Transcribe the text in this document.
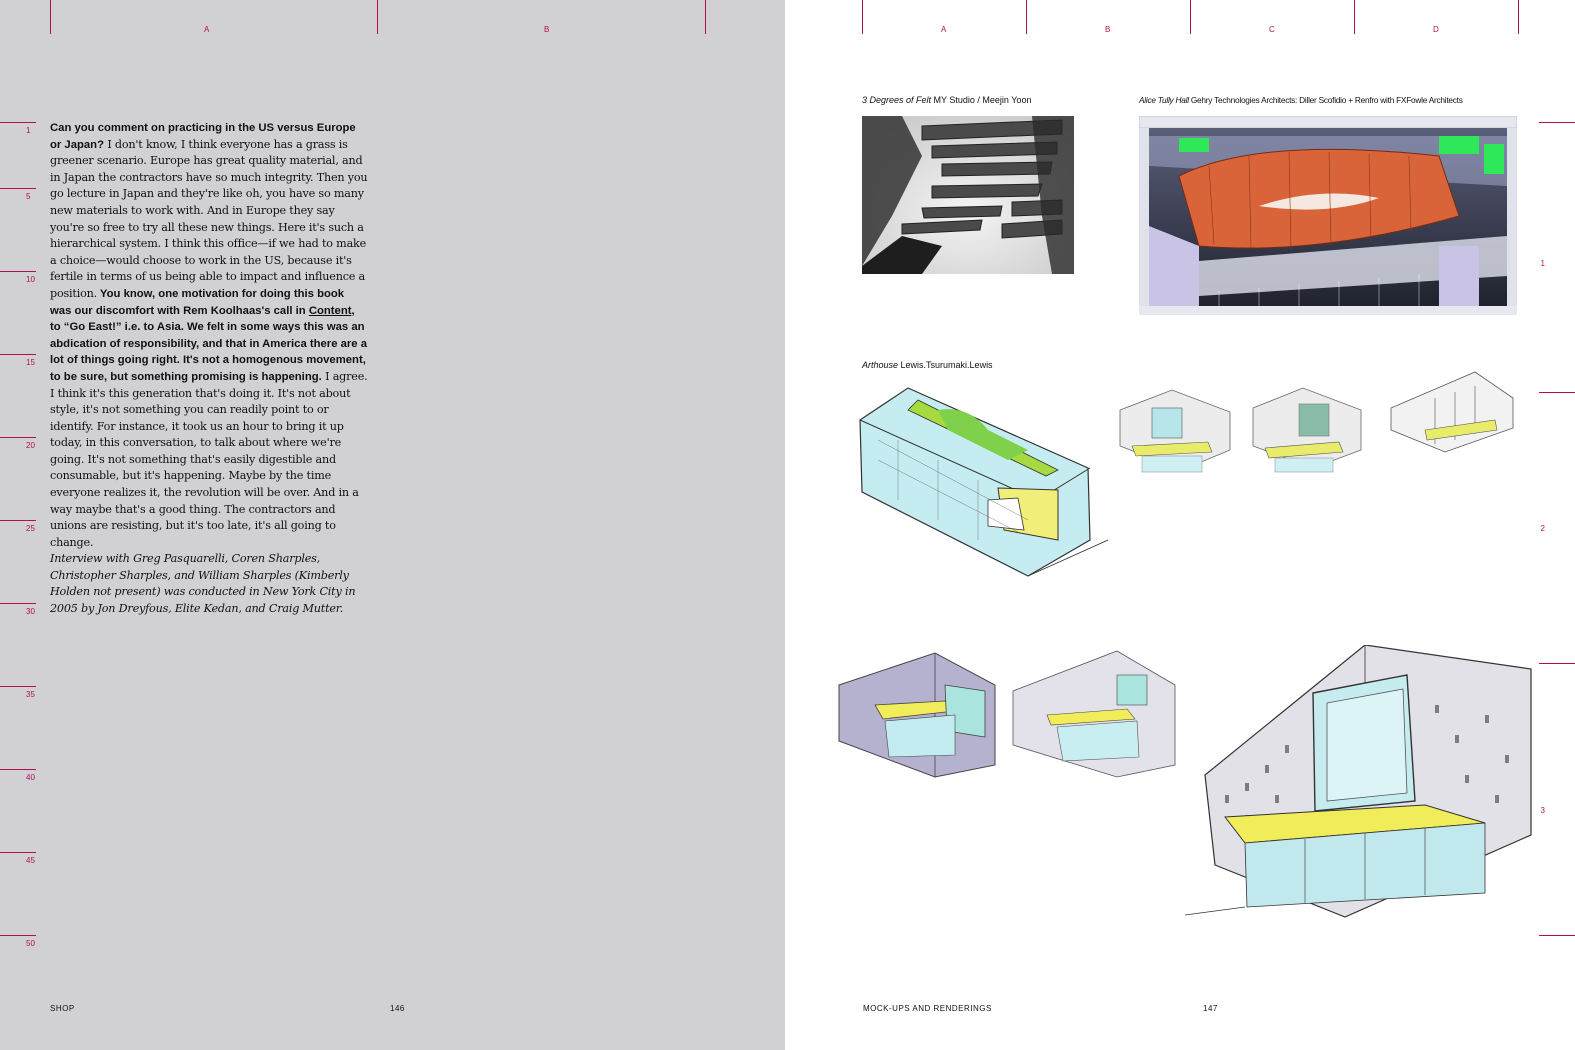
A	B
1
5
10
15
20
25
30
35
40
45
50
Can you comment on practicing in the US versus Europe or Japan? I don't know, I think everyone has a grass is greener scenario. Europe has great quality material, and in Japan the contractors have so much integrity. Then you go lecture in Japan and they're like oh, you have so many new materials to work with. And in Europe they say you're so free to try all these new things. Here it's such a hierarchical system. I think this office—if we had to make a choice—would choose to work in the US, because it's fertile in terms of us being able to impact and influence a position. You know, one motivation for doing this book was our discomfort with Rem Koolhaas's call in Content, to “Go East!” i.e. to Asia. We felt in some ways this was an abdication of responsibility, and that in America there are a lot of things going right. It's not a homogenous movement, to be sure, but something promising is happening. I agree. I think it's this generation that's doing it. It's not about style, it's not something you can readily point to or identify. For instance, it took us an hour to bring it up today, in this conversation, to talk about where we're going. It's not something that's easily digestible and consumable, but it's happening. Maybe by the time everyone realizes it, the revolution will be over. And in a way maybe that's a good thing. The contractors and unions are resisting, but it's too late, it's all going to change.
Interview with Greg Pasquarelli, Coren Sharples, Christopher Sharples, and William Sharples (Kimberly Holden not present) was conducted in New York City in 2005 by Jon Dreyfous, Elite Kedan, and Craig Mutter.
SHOP	146
A	B	C	D
1
2
3
3 Degrees of Felt MY Studio / Meejin Yoon	Alice Tully Hall Gehry Technologies Architects: Diller Scofidio + Renfro with FXFowle Architects
Arthouse Lewis.Tsurumaki.Lewis
MOCK-UPS AND RENDERINGS	147
